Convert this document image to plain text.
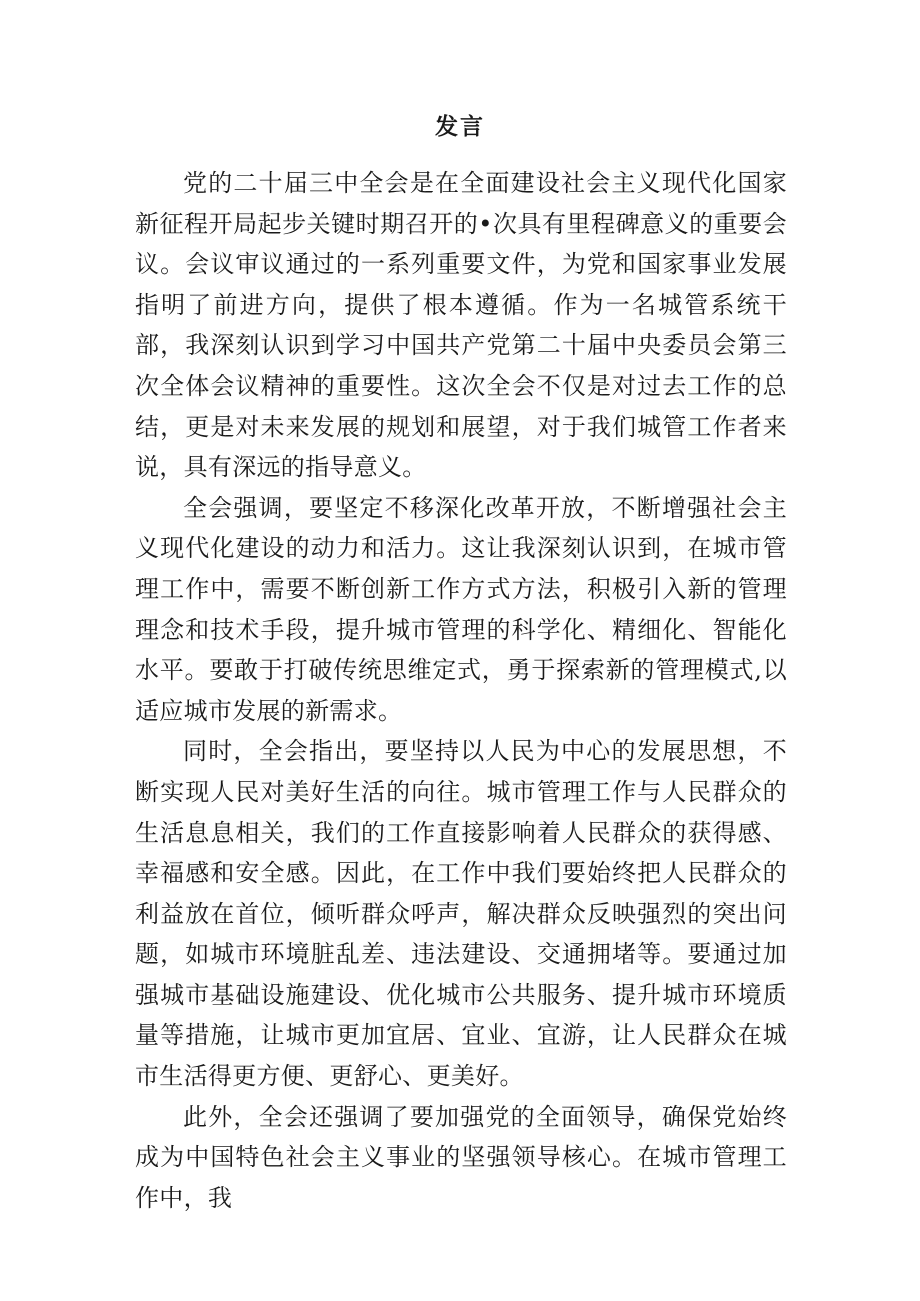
发言

党的二十届三中全会是在全面建设社会主义现代化国家新征程开局起步关键时期召开的•次具有里程碑意义的重要会议。会议审议通过的一系列重要文件，为党和国家事业发展指明了前进方向，提供了根本遵循。作为一名城管系统干部，我深刻认识到学习中国共产党第二十届中央委员会第三次全体会议精神的重要性。这次全会不仅是对过去工作的总结，更是对未来发展的规划和展望，对于我们城管工作者来说，具有深远的指导意义。

全会强调，要坚定不移深化改革开放，不断增强社会主义现代化建设的动力和活力。这让我深刻认识到，在城市管理工作中，需要不断创新工作方式方法，积极引入新的管理理念和技术手段，提升城市管理的科学化、精细化、智能化水平。要敢于打破传统思维定式，勇于探索新的管理模式,以适应城市发展的新需求。

同时，全会指出，要坚持以人民为中心的发展思想，不断实现人民对美好生活的向往。城市管理工作与人民群众的生活息息相关，我们的工作直接影响着人民群众的获得感、幸福感和安全感。因此，在工作中我们要始终把人民群众的利益放在首位，倾听群众呼声，解决群众反映强烈的突出问题，如城市环境脏乱差、违法建设、交通拥堵等。要通过加强城市基础设施建设、优化城市公共服务、提升城市环境质量等措施，让城市更加宜居、宜业、宜游，让人民群众在城市生活得更方便、更舒心、更美好。

此外，全会还强调了要加强党的全面领导，确保党始终成为中国特色社会主义事业的坚强领导核心。在城市管理工作中，我
